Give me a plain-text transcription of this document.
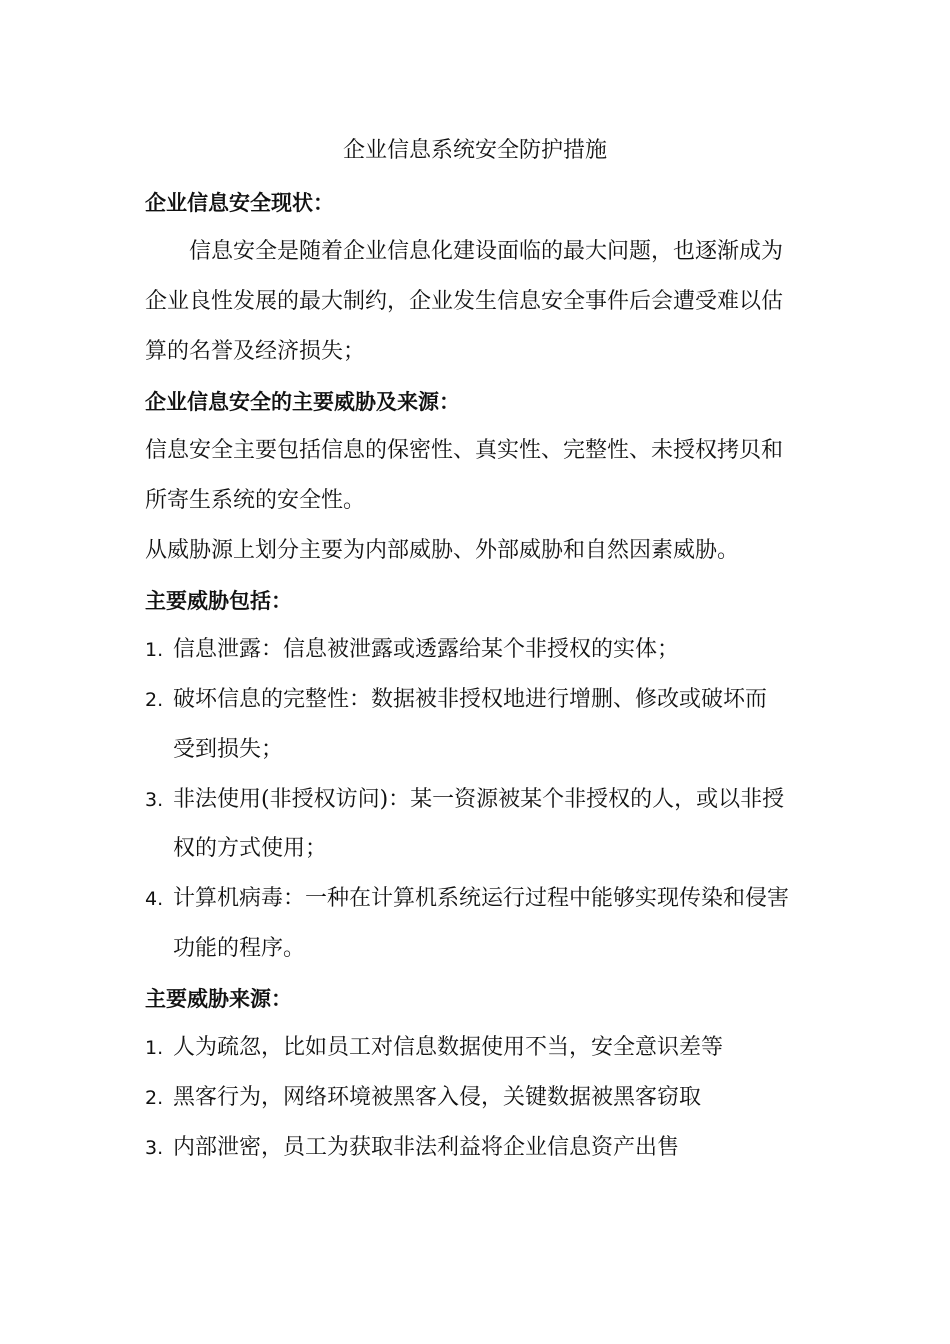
企业信息系统安全防护措施
企业信息安全现状：
信息安全是随着企业信息化建设面临的最大问题，也逐渐成为
企业良性发展的最大制约，企业发生信息安全事件后会遭受难以估
算的名誉及经济损失；
企业信息安全的主要威胁及来源：
信息安全主要包括信息的保密性、真实性、完整性、未授权拷贝和
所寄生系统的安全性。
从威胁源上划分主要为内部威胁、外部威胁和自然因素威胁。
主要威胁包括：
1. 信息泄露：信息被泄露或透露给某个非授权的实体；
2. 破坏信息的完整性：数据被非授权地进行增删、修改或破坏而
受到损失；
3. 非法使用(非授权访问)：某一资源被某个非授权的人，或以非授
权的方式使用；
4. 计算机病毒：一种在计算机系统运行过程中能够实现传染和侵害
功能的程序。
主要威胁来源：
1. 人为疏忽，比如员工对信息数据使用不当，安全意识差等
2. 黑客行为，网络环境被黑客入侵，关键数据被黑客窃取
3. 内部泄密，员工为获取非法利益将企业信息资产出售
